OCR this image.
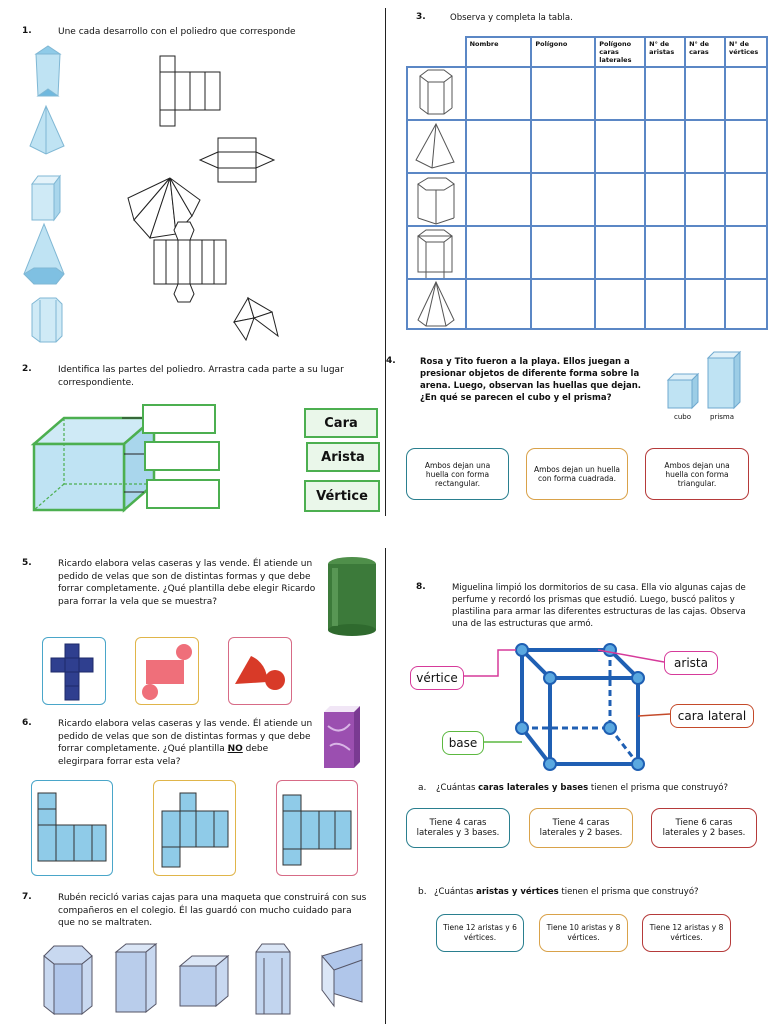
1.	Une cada desarrollo con el poliedro que corresponde
2.	Identifica las partes del poliedro. Arrastra cada parte a su lugar correspondiente.
Cara
Arista
Vértice
3.	Observa y completa la tabla.
	Nombre	Polígono	Polígono caras laterales	N° de aristas	N° de caras	N° de vértices

4.	Rosa y Tito fueron a la playa. Ellos juegan a presionar objetos de diferente forma sobre la arena. Luego, observan las huellas que dejan. ¿En qué se parecen el cubo y el prisma?
cubo	prisma
Ambos dejan una huella con forma rectangular.
Ambos dejan un huella con forma cuadrada.
Ambos dejan una huella con forma triangular.
5.	Ricardo elabora velas caseras y las vende. Él atiende un pedido de velas que son de distintas formas y que debe forrar completamente. ¿Qué plantilla debe elegir Ricardo para forrar la vela que se muestra?
6.	Ricardo elabora velas caseras y las vende. Él atiende un pedido de velas que son de distintas formas y que debe forrar completamente. ¿Qué plantilla NO debe elegirpara forrar esta vela?
7.	Rubén recicló varias cajas para una maqueta que construirá con sus compañeros en el colegio. Él las guardó con mucho cuidado para que no se maltraten.
8.	Miguelina limpió los dormitorios de su casa. Ella vio algunas cajas de perfume y recordó los prismas que estudió. Luego, buscó palitos y plastilina para armar las diferentes estructuras de las cajas. Observa una de las estructuras que armó.
vértice
arista
cara lateral
base
a. ¿Cuántas caras laterales y bases tienen el prisma que construyó?
Tiene 4 caras laterales y 3 bases.
Tiene 4 caras laterales y 2 bases.
Tiene 6 caras laterales y 2 bases.
b. ¿Cuántas aristas y vértices tienen el prisma que construyó?
Tiene 12 aristas y 6 vértices.
Tiene 10 aristas y 8 vértices.
Tiene 12 aristas y 8 vértices.
